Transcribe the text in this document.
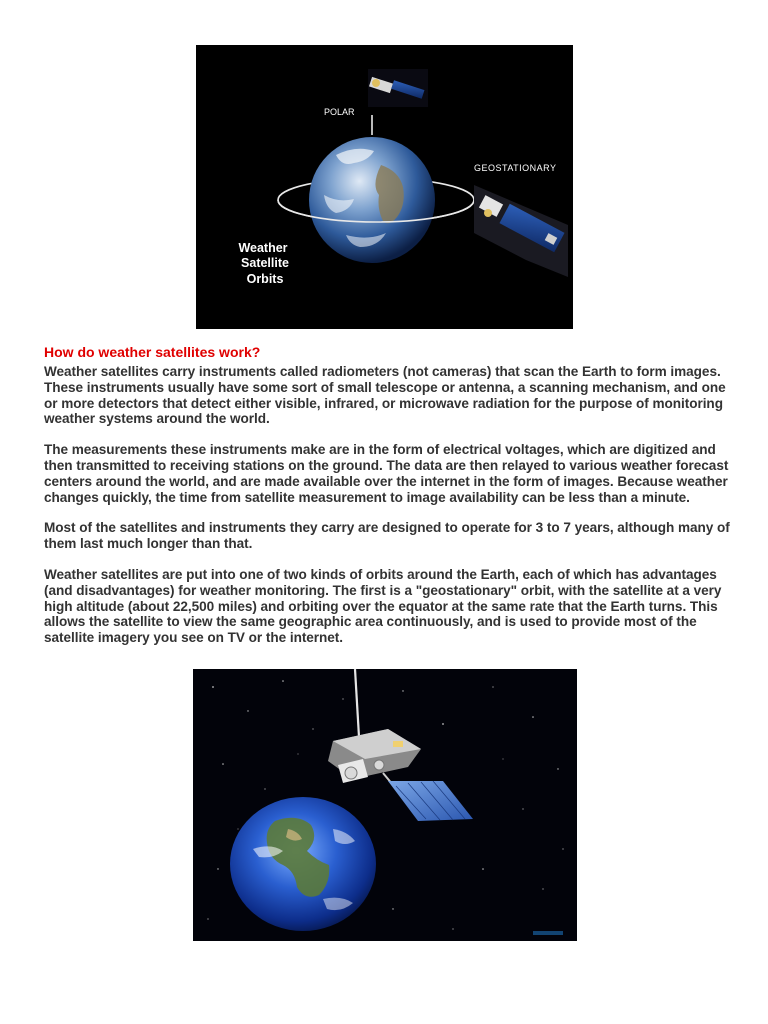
POLAR
GEOSTATIONARY
Weather
Satellite
Orbits
How do weather satellites work?

Weather satellites carry instruments called radiometers (not cameras) that scan the Earth to form images. These instruments usually have some sort of small telescope or antenna, a scanning mechanism, and one or more detectors that detect either visible, infrared, or microwave radiation for the purpose of monitoring weather systems around the world.

The measurements these instruments make are in the form of electrical voltages, which are digitized and then transmitted to receiving stations on the ground. The data are then relayed to various weather forecast centers around the world, and are made available over the internet in the form of images. Because weather changes quickly, the time from satellite measurement to image availability can be less than a minute.

Most of the satellites and instruments they carry are designed to operate for 3 to 7 years, although many of them last much longer than that.

Weather satellites are put into one of two kinds of orbits around the Earth, each of which has advantages (and disadvantages) for weather monitoring. The first is a "geostationary" orbit, with the satellite at a very high altitude (about 22,500 miles) and orbiting over the equator at the same rate that the Earth turns. This allows the satellite to view the same geographic area continuously, and is used to provide most of the satellite imagery you see on TV or the internet.
